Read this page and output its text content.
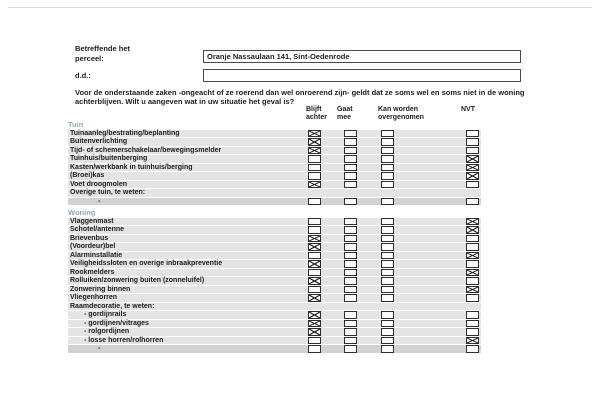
Betreffende het perceel:	Oranje Nassaulaan 141, Sint-Oedenrode
d.d.:
Voor de onderstaande zaken -ongeacht of ze roerend dan wel onroerend zijn- geldt dat ze soms wel en soms niet in de woning achterblijven. Wilt u aangeven wat in uw situatie het geval is?
Blijft achter
Gaat mee
Kan worden overgenomen
NVT
Tuin
Tuinaanleg/bestrating/beplanting
Buitenverlichting
Tijd- of schemerschakelaar/bewegingsmelder
Tuinhuis/buitenberging
Kasten/werkbank in tuinhuis/berging
(Broei)kas
Voet droogmolen
Overige tuin, te weten:
-
Woning
Vlaggenmast
Schotel/antenne
Brievenbus
(Voordeur)bel
Alarminstallatie
Veiligheidssloten en overige inbraakpreventie
Rookmelders
Rolluiken/zonwering buiten (zonneluifel)
Zonwering binnen
Vliegenhorren
Raamdecoratie, te weten:
- gordijnrails
- gordijnen/vitrages
- rolgordijnen
- losse horren/rolhorren
-
